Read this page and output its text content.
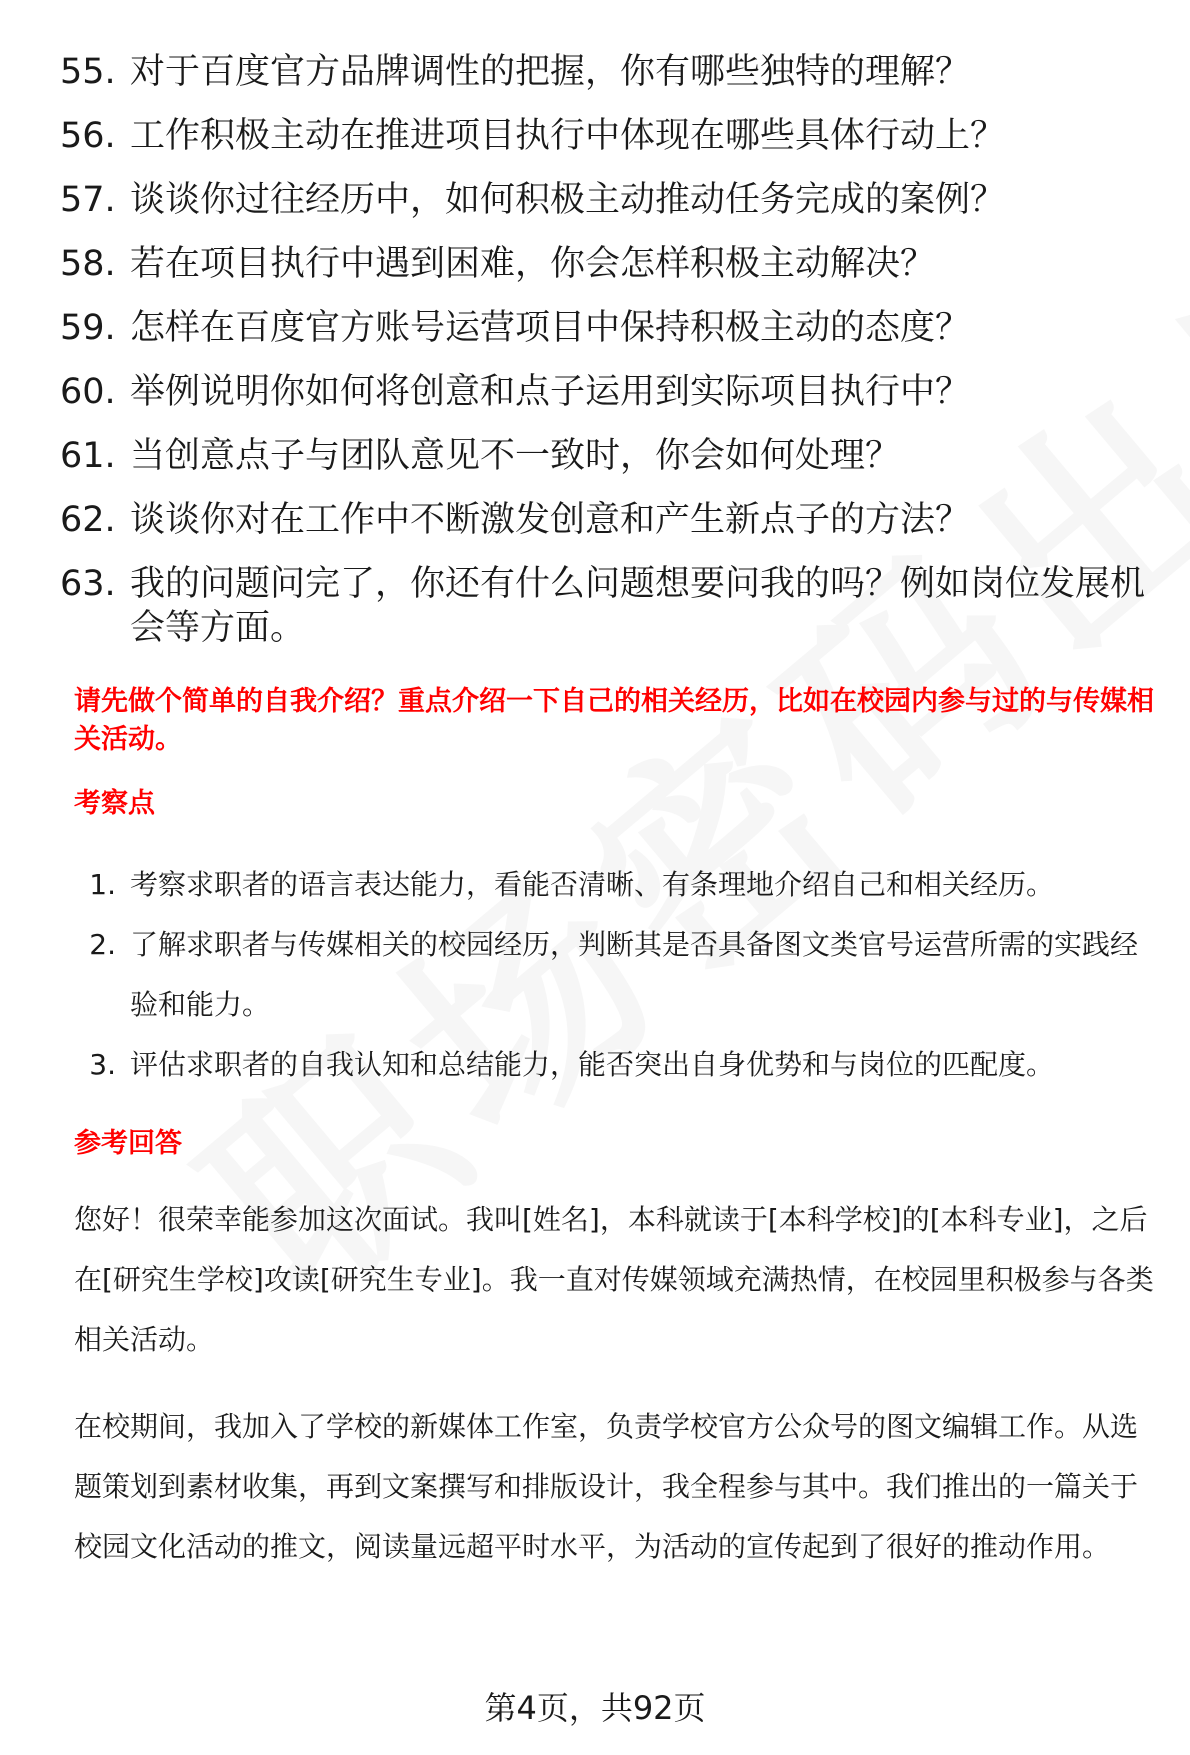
55. 对于百度官方品牌调性的把握，你有哪些独特的理解？
56. 工作积极主动在推进项目执行中体现在哪些具体行动上？
57. 谈谈你过往经历中，如何积极主动推动任务完成的案例？
58. 若在项目执行中遇到困难，你会怎样积极主动解决？
59. 怎样在百度官方账号运营项目中保持积极主动的态度？
60. 举例说明你如何将创意和点子运用到实际项目执行中？
61. 当创意点子与团队意见不一致时，你会如何处理？
62. 谈谈你对在工作中不断激发创意和产生新点子的方法？
63. 我的问题问完了，你还有什么问题想要问我的吗？例如岗位发展机会等方面。
请先做个简单的自我介绍？重点介绍一下自己的相关经历，比如在校园内参与过的与传媒相关活动。
考察点
1. 考察求职者的语言表达能力，看能否清晰、有条理地介绍自己和相关经历。
2. 了解求职者与传媒相关的校园经历，判断其是否具备图文类官号运营所需的实践经验和能力。
3. 评估求职者的自我认知和总结能力，能否突出自身优势和与岗位的匹配度。
参考回答
您好！很荣幸能参加这次面试。我叫[姓名]，本科就读于[本科学校]的[本科专业]，之后在[研究生学校]攻读[研究生专业]。我一直对传媒领域充满热情，在校园里积极参与各类相关活动。
在校期间，我加入了学校的新媒体工作室，负责学校官方公众号的图文编辑工作。从选题策划到素材收集，再到文案撰写和排版设计，我全程参与其中。我们推出的一篇关于校园文化活动的推文，阅读量远超平时水平，为活动的宣传起到了很好的推动作用。
第4页，共92页
